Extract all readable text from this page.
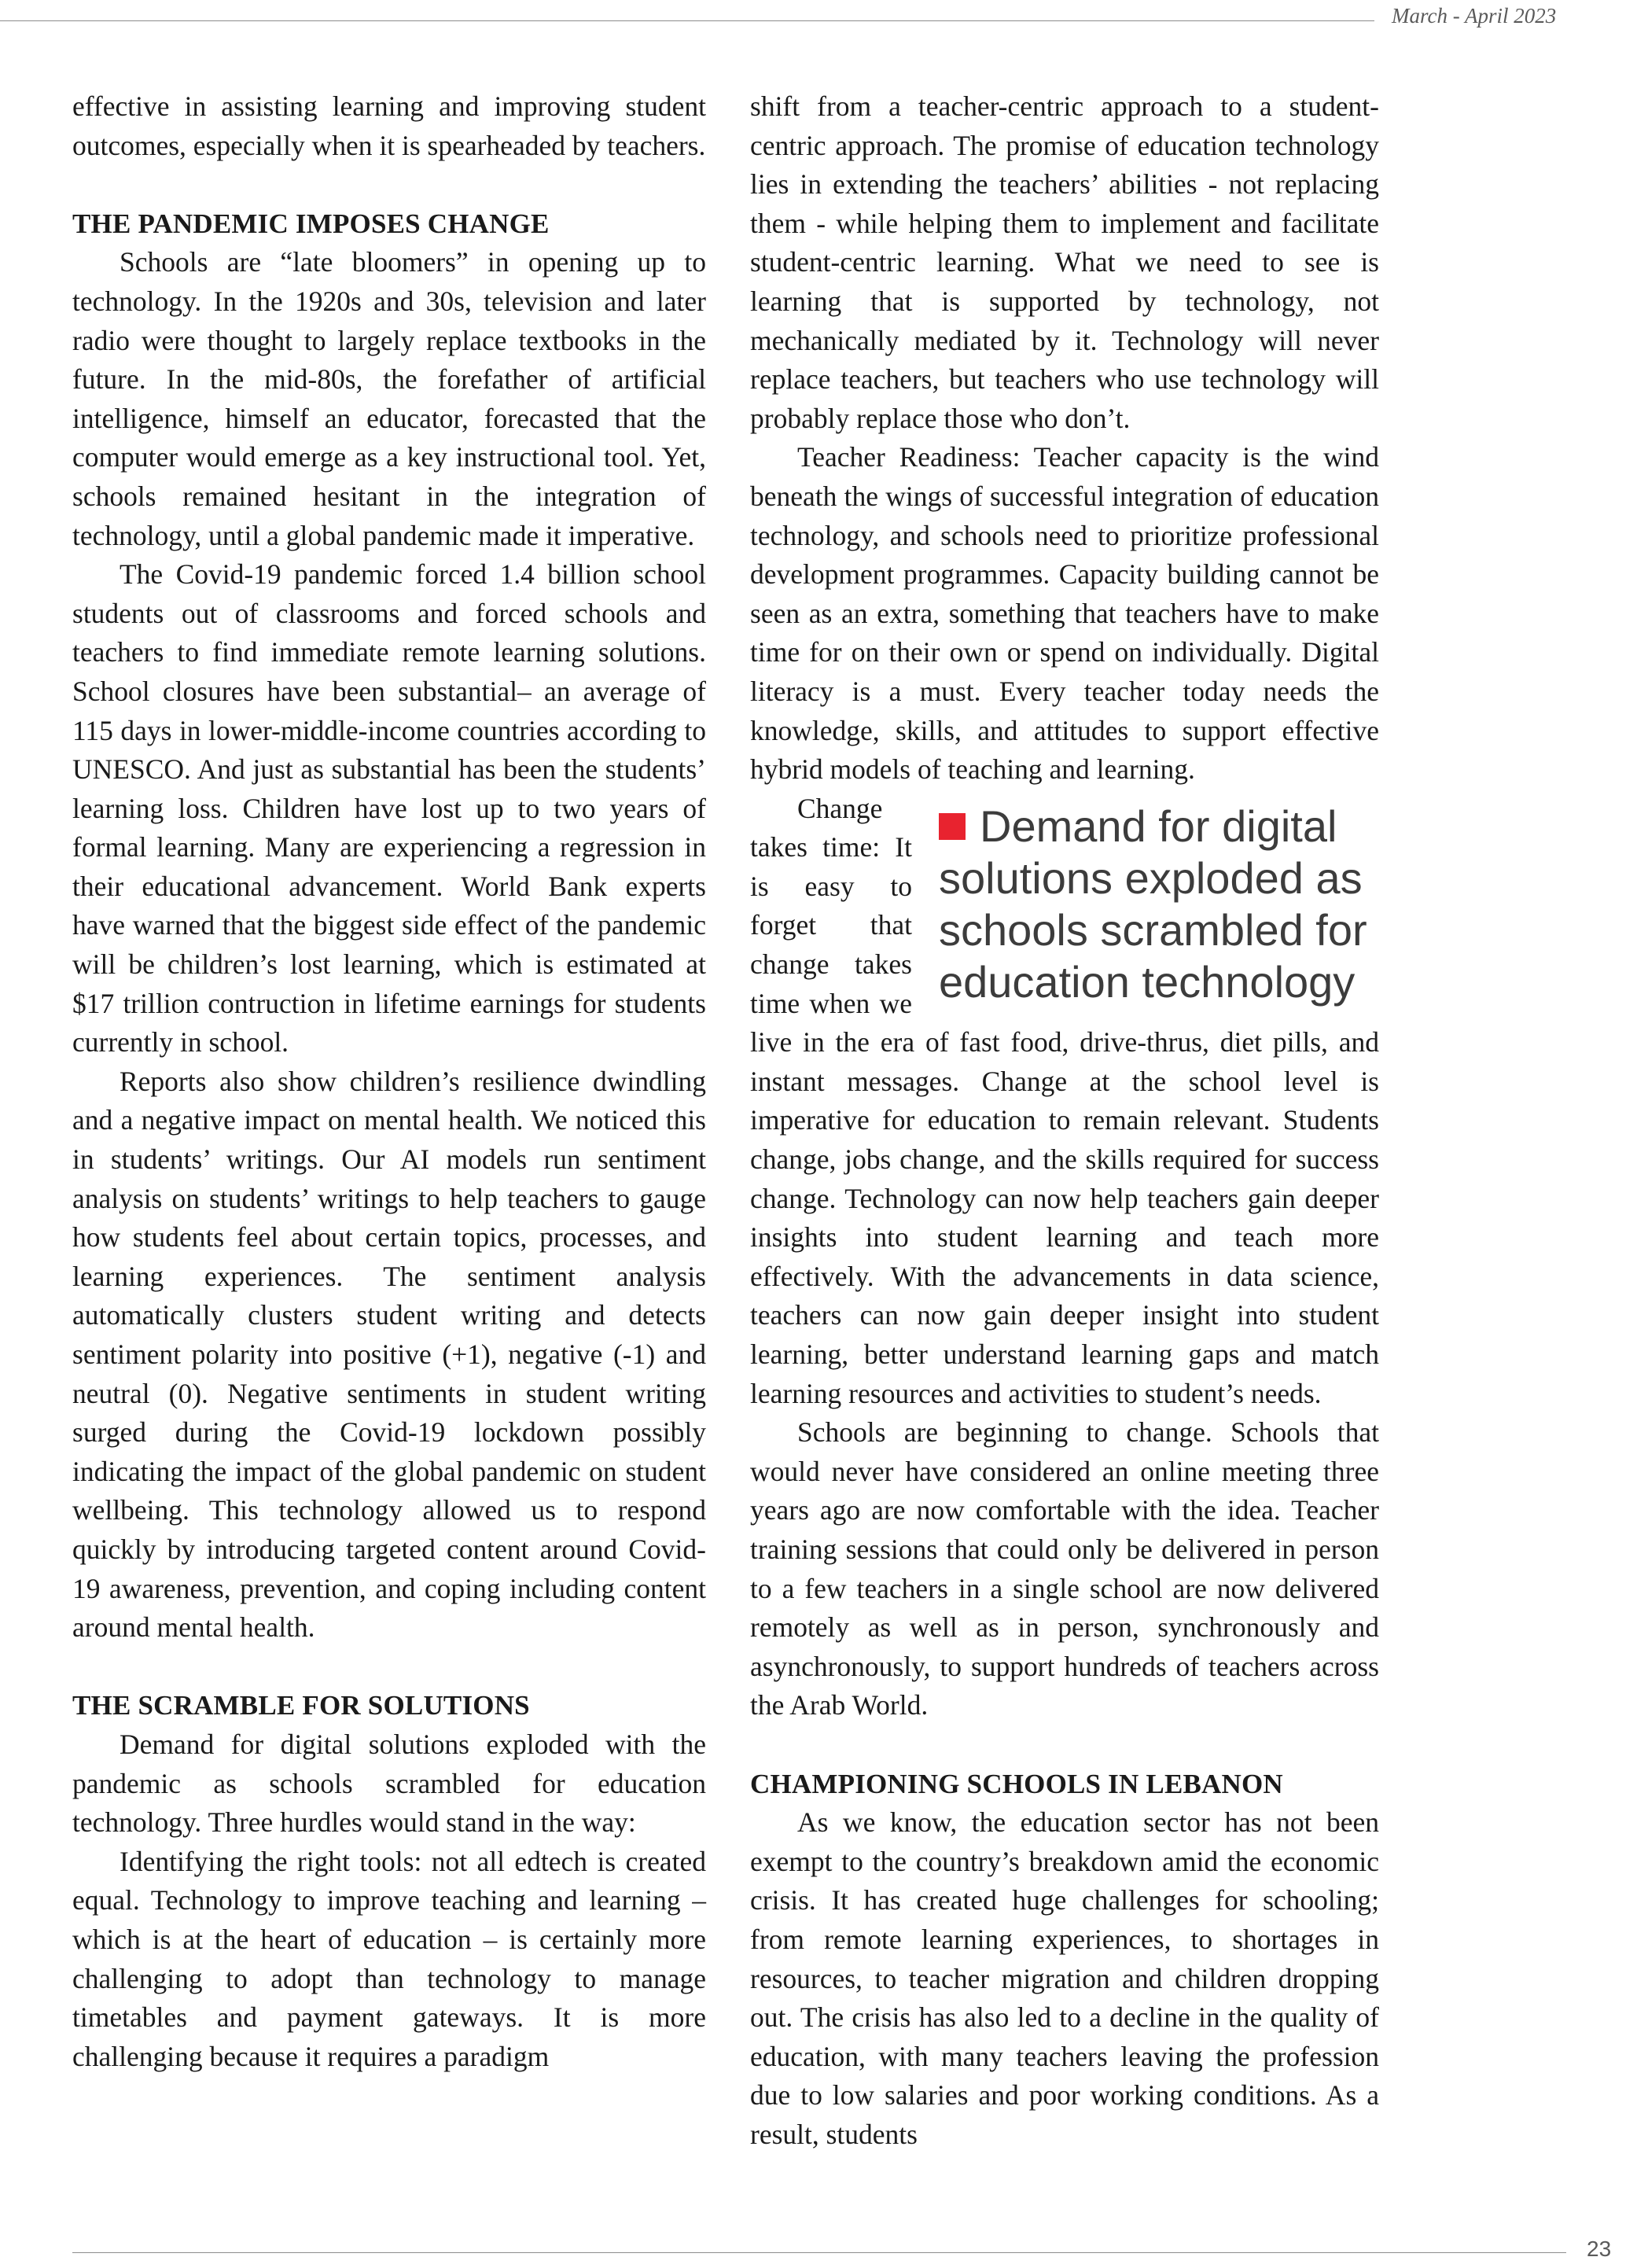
March - April 2023

effective in assisting learning and improving student outcomes, especially when it is spearheaded by teachers.

THE PANDEMIC IMPOSES CHANGE

Schools are “late bloomers” in opening up to technology. In the 1920s and 30s, television and later radio were thought to largely replace textbooks in the future. In the mid-80s, the forefather of artificial intelligence, himself an educator, forecasted that the computer would emerge as a key instructional tool. Yet, schools remained hesitant in the integration of technology, until a global pandemic made it imperative.

The Covid-19 pandemic forced 1.4 billion school students out of classrooms and forced schools and teachers to find immediate remote learning solutions. School closures have been substantial– an average of 115 days in lower-middle-income countries according to UNESCO. And just as substantial has been the students’ learning loss. Children have lost up to two years of formal learning. Many are experiencing a regression in their educational advancement. World Bank experts have warned that the biggest side effect of the pandemic will be children’s lost learning, which is estimated at $17 trillion contruction in lifetime earnings for students currently in school.

Reports also show children’s resilience dwindling and a negative impact on mental health. We noticed this in students’ writings. Our AI models run sentiment analysis on students’ writings to help teachers to gauge how students feel about certain topics, processes, and learning experiences. The sentiment analysis automatically clusters student writing and detects sentiment polarity into positive (+1), negative (-1) and neutral (0). Negative sentiments in student writing surged during the Covid-19 lockdown possibly indicating the impact of the global pandemic on student wellbeing. This technology allowed us to respond quickly by introducing targeted content around Covid-19 awareness, prevention, and coping including content around mental health.

THE SCRAMBLE FOR SOLUTIONS

Demand for digital solutions exploded with the pandemic as schools scrambled for education technology. Three hurdles would stand in the way:

Identifying the right tools: not all edtech is created equal. Technology to improve teaching and learning – which is at the heart of education – is certainly more challenging to adopt than technology to manage timetables and payment gateways. It is more challenging because it requires a paradigm

shift from a teacher-centric approach to a student-centric approach. The promise of education technology lies in extending the teachers’ abilities - not replacing them - while helping them to implement and facilitate student-centric learning. What we need to see is learning that is supported by technology, not mechanically mediated by it. Technology will never replace teachers, but teachers who use technology will probably replace those who don’t.

Teacher Readiness: Teacher capacity is the wind beneath the wings of successful integration of education technology, and schools need to prioritize professional development programmes. Capacity building cannot be seen as an extra, something that teachers have to make time for on their own or spend on individually. Digital literacy is a must. Every teacher today needs the knowledge, skills, and attitudes to support effective hybrid models of teaching and learning.

Demand for digital solutions exploded as schools scrambled for education technology
Change takes time: It is easy to forget that change takes time when we live in the era of fast food, drive-thrus, diet pills, and instant messages. Change at the school level is imperative for education to remain relevant. Students change, jobs change, and the skills required for success change. Technology can now help teachers gain deeper insights into student learning and teach more effectively. With the advancements in data science, teachers can now gain deeper insight into student learning, better understand learning gaps and match learning resources and activities to student’s needs.

Schools are beginning to change. Schools that would never have considered an online meeting three years ago are now comfortable with the idea. Teacher training sessions that could only be delivered in person to a few teachers in a single school are now delivered remotely as well as in person, synchronously and asynchronously, to support hundreds of teachers across the Arab World.

CHAMPIONING SCHOOLS IN LEBANON

As we know, the education sector has not been exempt to the country’s breakdown amid the economic crisis. It has created huge challenges for schooling; from remote learning experiences, to shortages in resources, to teacher migration and children dropping out. The crisis has also led to a decline in the quality of education, with many teachers leaving the profession due to low salaries and poor working conditions. As a result, students

23
